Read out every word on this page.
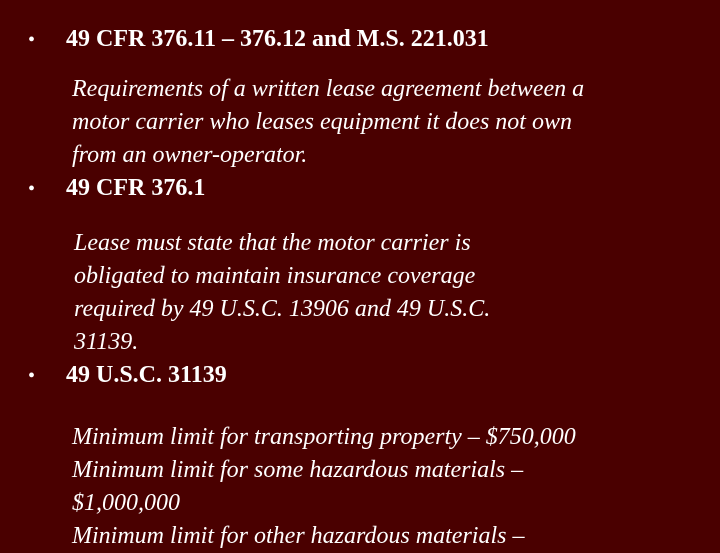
•	49 CFR 376.11 – 376.12 and M.S. 221.031
Requirements of a written lease agreement between a
motor carrier who leases equipment it does not own
from an owner-operator.
•	49 CFR 376.1
Lease must state that the motor carrier is
obligated to maintain insurance coverage
required by 49 U.S.C. 13906 and 49 U.S.C.
31139.
•	49 U.S.C. 31139
Minimum limit for transporting property – $750,000
Minimum limit for some hazardous materials –
$1,000,000
Minimum limit for other hazardous materials –
